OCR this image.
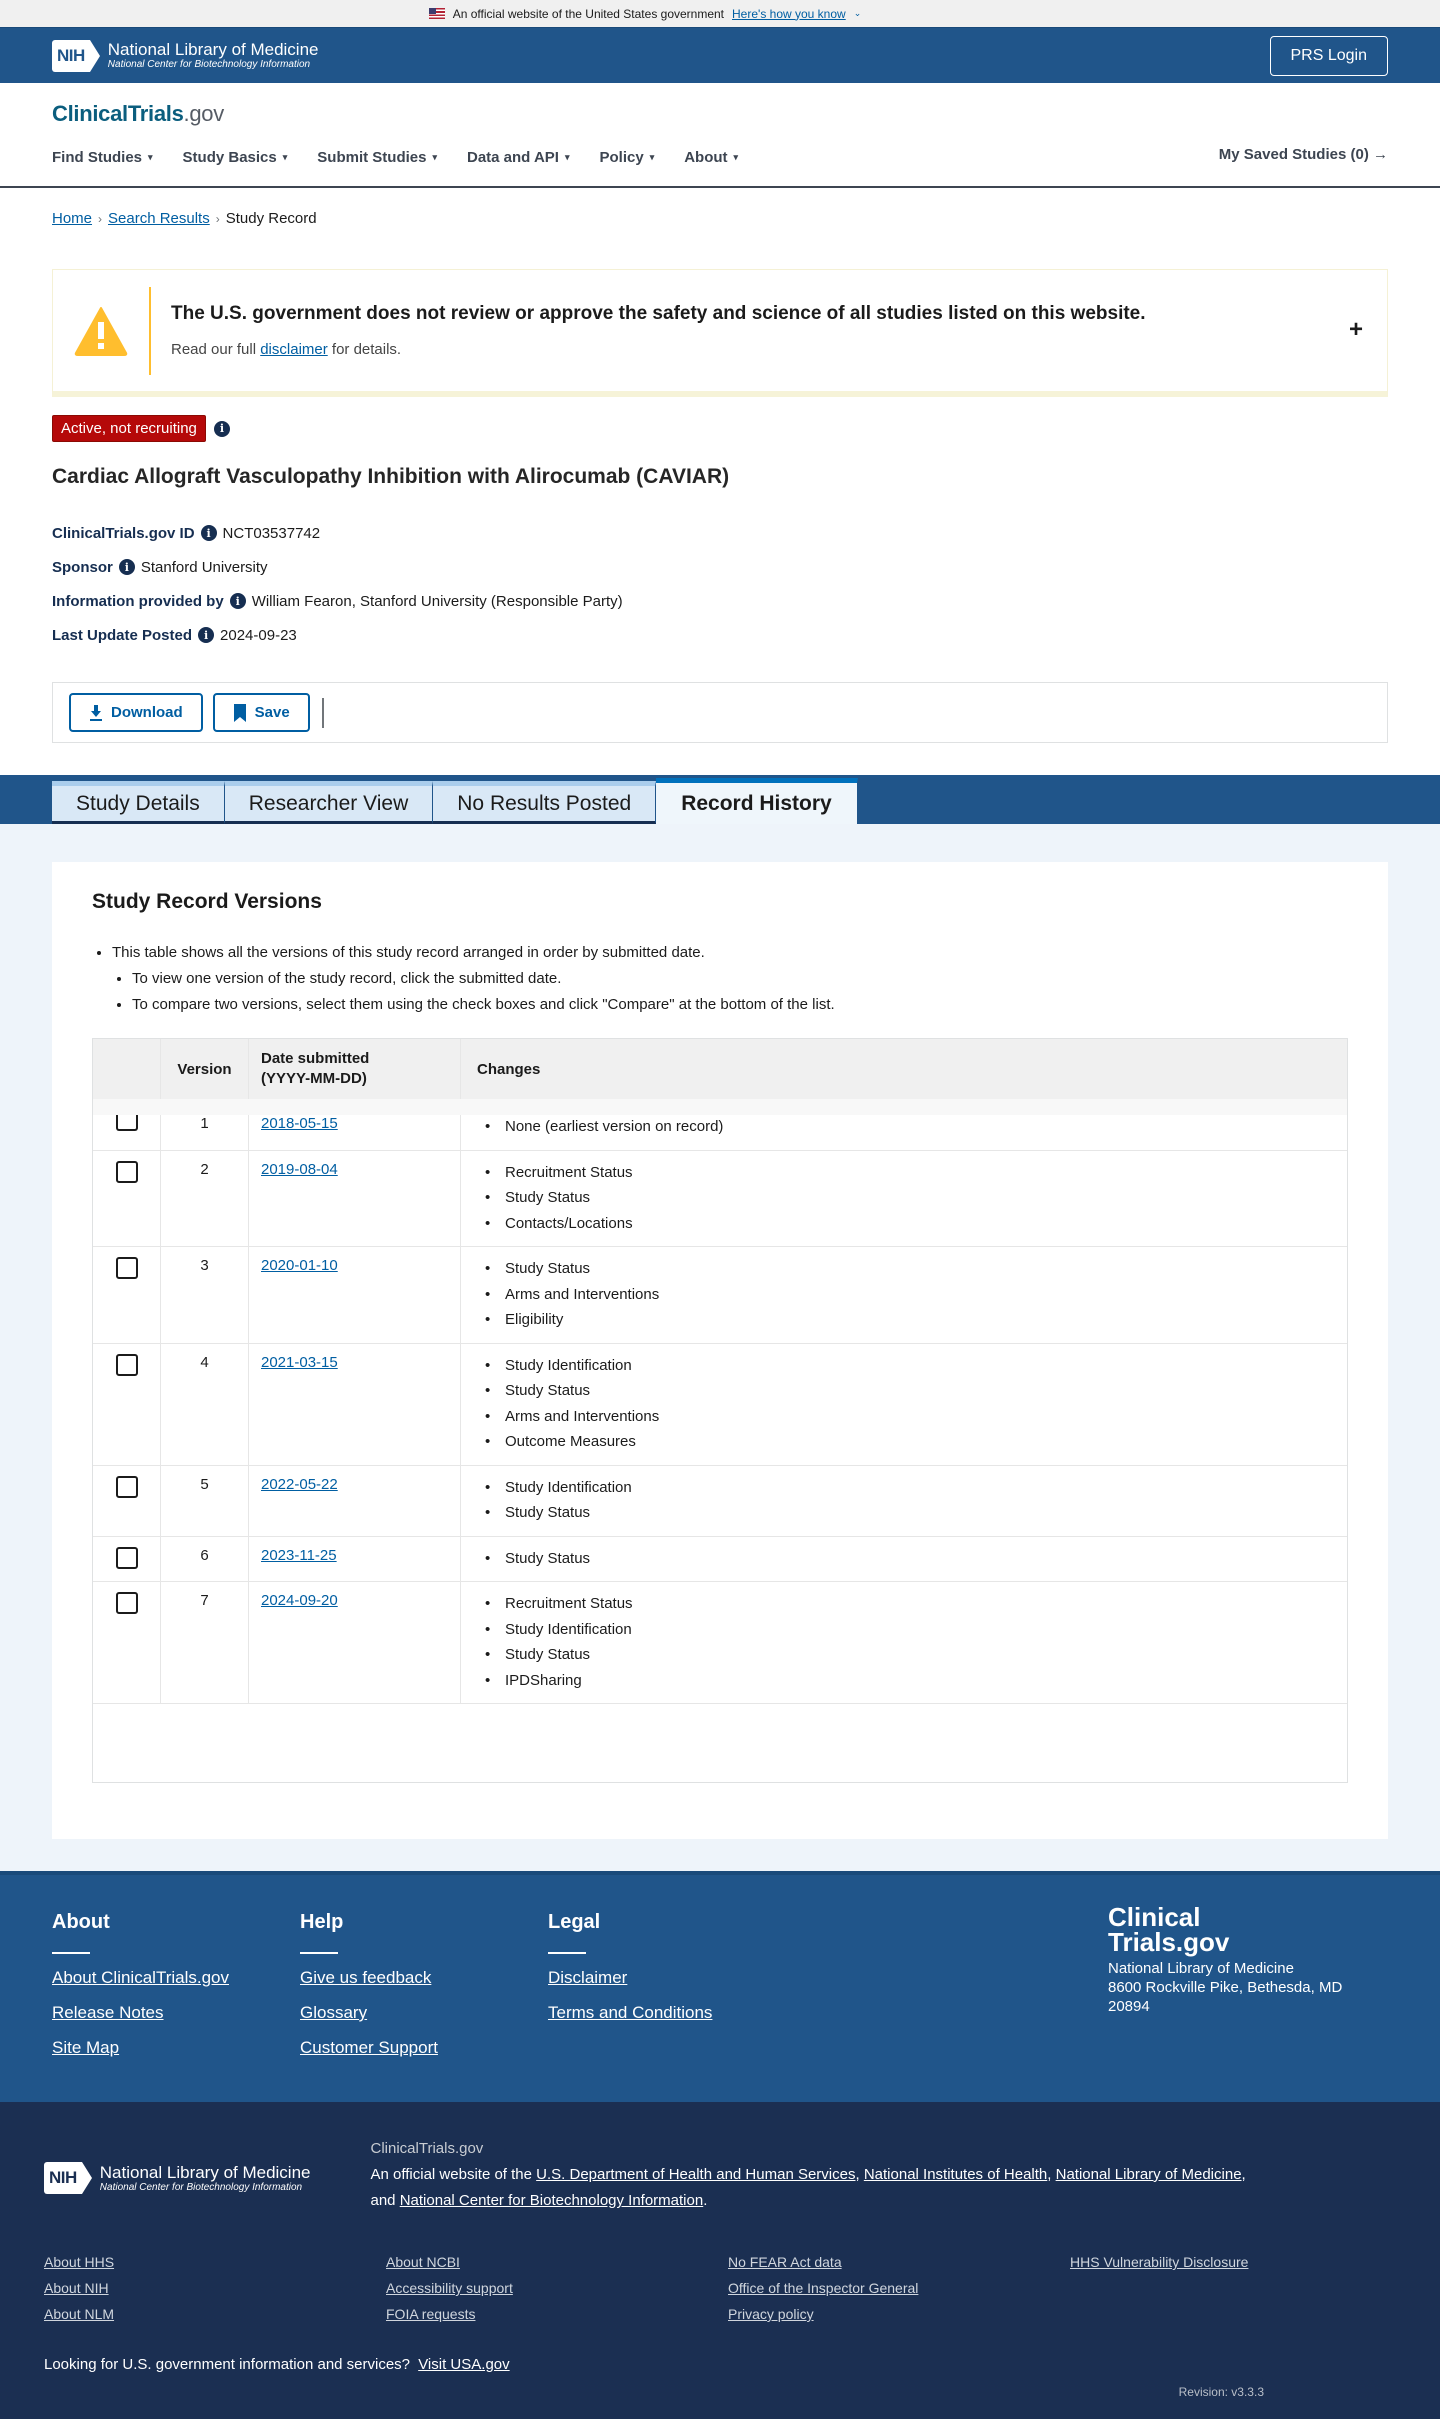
An official website of the United States government Here's how you know ⌄
NIH National Library of Medicine
National Center for Biotechnology Information
PRS Login
ClinicalTrials.gov
Find Studies ▾ Study Basics ▾ Submit Studies ▾ Data and API ▾ Policy ▾ About ▾	My Saved Studies (0) →
Home › Search Results › Study Record
The U.S. government does not review or approve the safety and science of all studies listed on this website.
Read our full disclaimer for details.
+
Active, not recruiting	i
Cardiac Allograft Vasculopathy Inhibition with Alirocumab (CAVIAR)
ClinicalTrials.gov ID	i NCT03537742
Sponsor	i Stanford University
Information provided by	i William Fearon, Stanford University (Responsible Party)
Last Update Posted	i 2024-09-23
Download	Save
Study Details	Researcher View	No Results Posted	Record History
Study Record Versions
• This table shows all the versions of this study record arranged in order by submitted date.
• To view one version of the study record, click the submitted date.
• To compare two versions, select them using the check boxes and click "Compare" at the bottom of the list.
Version
Date submitted
(YYYY-MM-DD)
Changes
1	2018-05-15	• None (earliest version on record)
2	2019-08-04	• Recruitment Status
• Study Status
• Contacts/Locations
3	2020-01-10	• Study Status
• Arms and Interventions
• Eligibility
4	2021-03-15	• Study Identification
• Study Status
• Arms and Interventions
• Outcome Measures
5	2022-05-22	• Study Identification
• Study Status
6	2023-11-25	• Study Status
7	2024-09-20	• Recruitment Status
• Study Identification
• Study Status
• IPDSharing
About
About ClinicalTrials.gov
Release Notes
Site Map
Help
Give us feedback
Glossary
Customer Support
Legal
Disclaimer
Terms and Conditions
Clinical
Trials.gov
National Library of Medicine
8600 Rockville Pike, Bethesda, MD
20894
NIH National Library of Medicine
National Center for Biotechnology Information
ClinicalTrials.gov
An official website of the U.S. Department of Health and Human Services, National Institutes of Health, National Library of Medicine,
and National Center for Biotechnology Information.
About HHS	About NCBI	No FEAR Act data	HHS Vulnerability Disclosure
About NIH	Accessibility support	Office of the Inspector General
About NLM	FOIA requests	Privacy policy
Looking for U.S. government information and services? Visit USA.gov
Revision: v3.3.3
